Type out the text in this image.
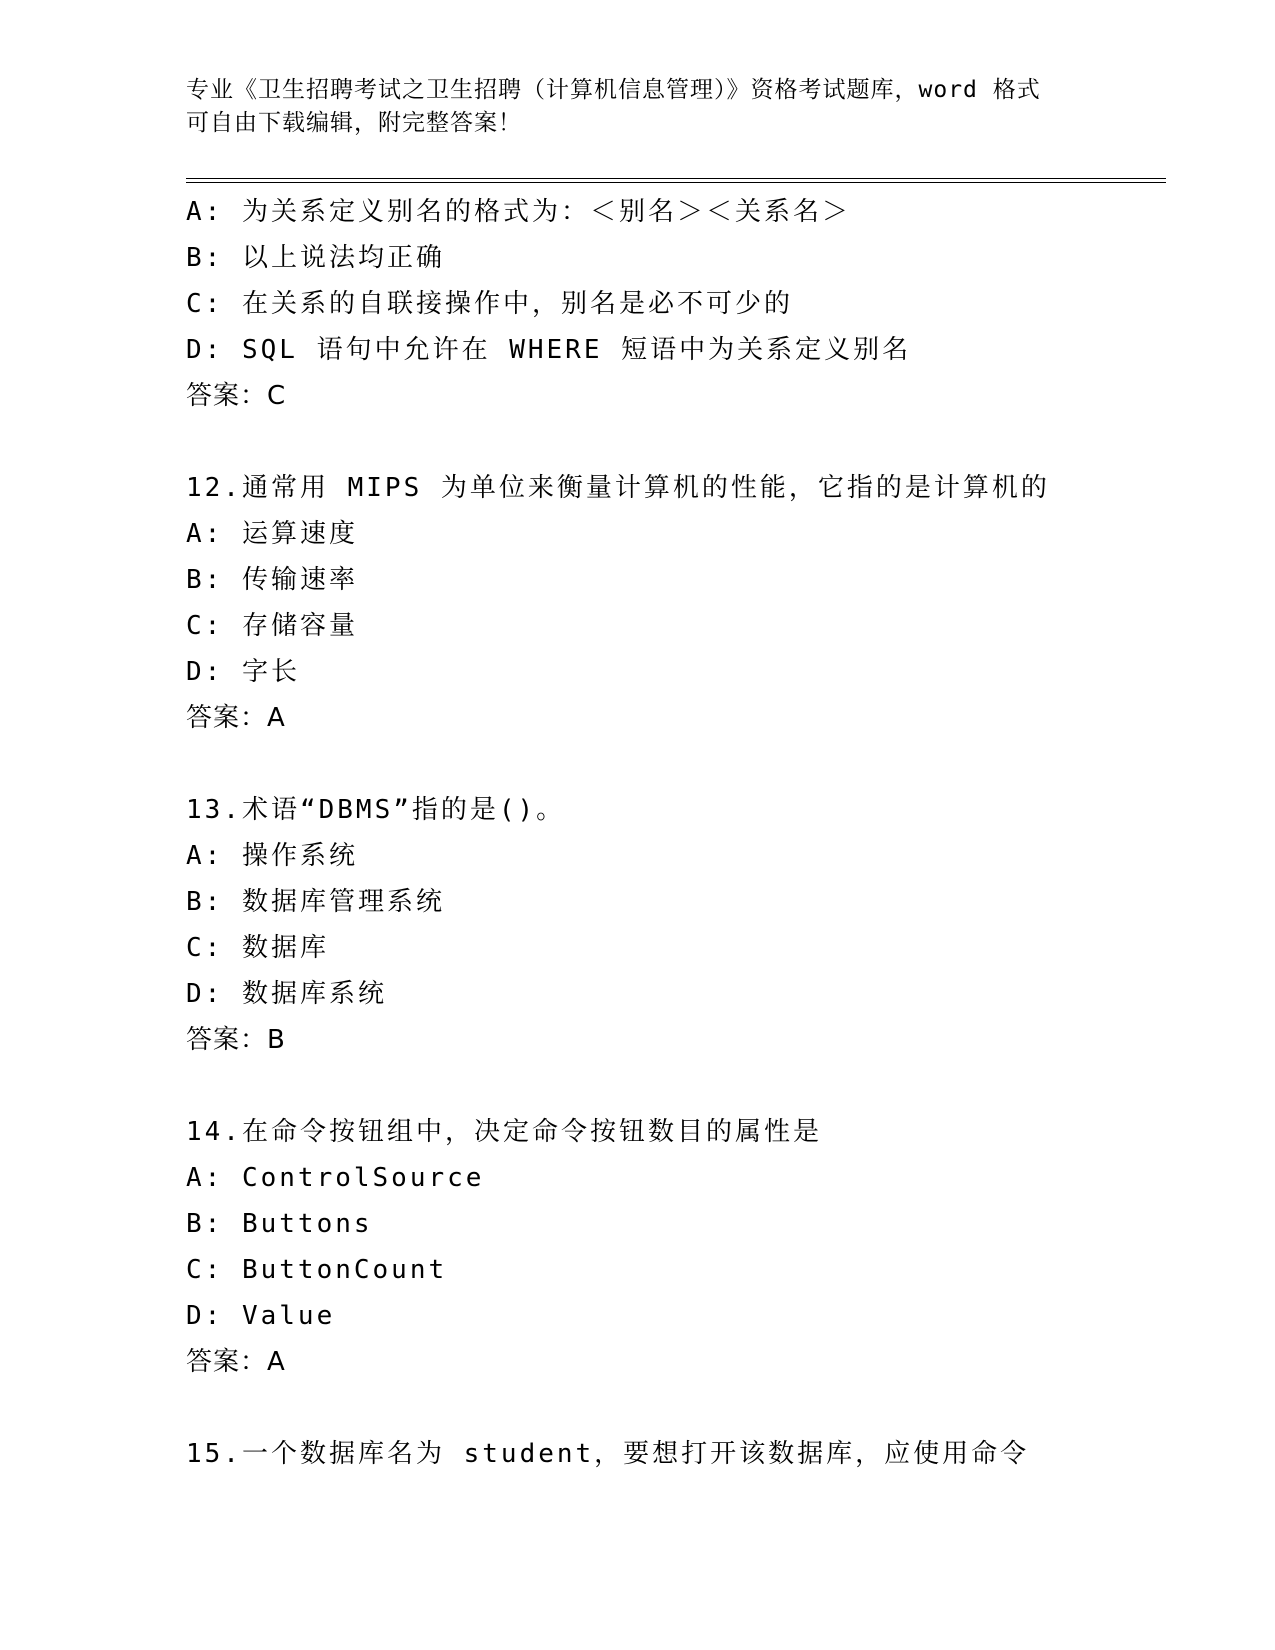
专业《卫生招聘考试之卫生招聘（计算机信息管理）》资格考试题库，word 格式
可自由下载编辑，附完整答案！
A: 为关系定义别名的格式为：＜别名＞＜关系名＞
B: 以上说法均正确
C: 在关系的自联接操作中，别名是必不可少的
D: SQL 语句中允许在 WHERE 短语中为关系定义别名
答案：C
12.通常用 MIPS 为单位来衡量计算机的性能，它指的是计算机的
A: 运算速度
B: 传输速率
C: 存储容量
D: 字长
答案：A
13.术语“DBMS”指的是()。
A: 操作系统
B: 数据库管理系统
C: 数据库
D: 数据库系统
答案：B
14.在命令按钮组中，决定命令按钮数目的属性是
A: ControlSource
B: Buttons
C: ButtonCount
D: Value
答案：A
15.一个数据库名为 student，要想打开该数据库，应使用命令
